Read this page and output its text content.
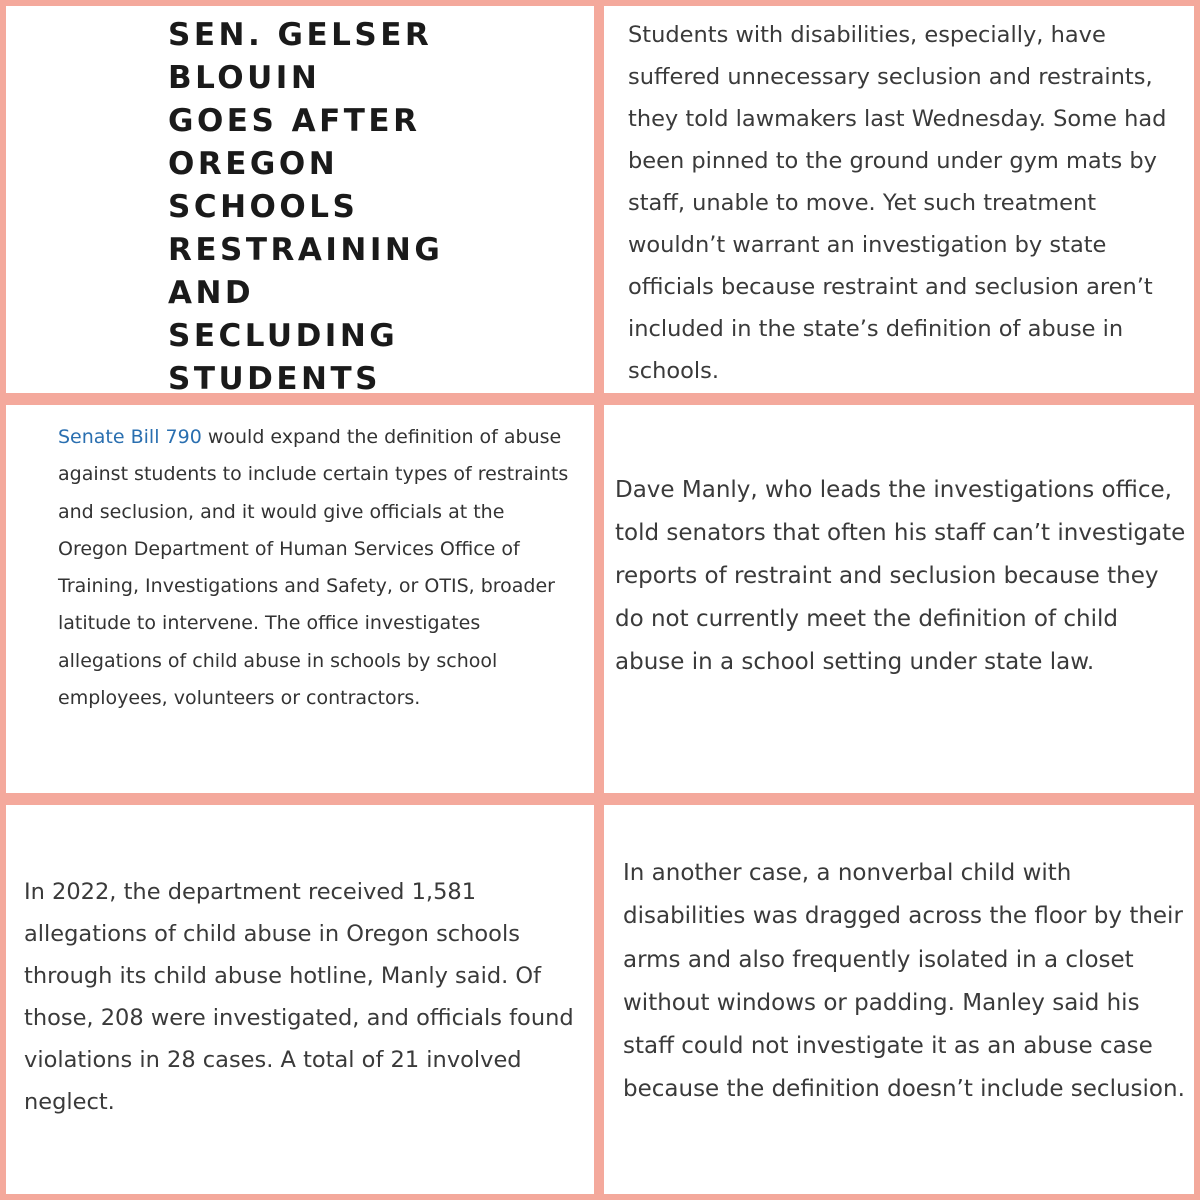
SEN. GELSER
BLOUIN
GOES AFTER
OREGON
SCHOOLS
RESTRAINING
AND
SECLUDING
STUDENTS

Students with disabilities, especially, have suffered unnecessary seclusion and restraints, they told lawmakers last Wednesday. Some had been pinned to the ground under gym mats by staff, unable to move. Yet such treatment wouldn’t warrant an investigation by state officials because restraint and seclusion aren’t included in the state’s definition of abuse in schools.

Senate Bill 790 would expand the definition of abuse against students to include certain types of restraints and seclusion, and it would give officials at the Oregon Department of Human Services Office of Training, Investigations and Safety, or OTIS, broader latitude to intervene. The office investigates allegations of child abuse in schools by school employees, volunteers or contractors.

Dave Manly, who leads the investigations office, told senators that often his staff can’t investigate reports of restraint and seclusion because they do not currently meet the definition of child abuse in a school setting under state law.

In 2022, the department received 1,581 allegations of child abuse in Oregon schools through its child abuse hotline, Manly said. Of those, 208 were investigated, and officials found violations in 28 cases. A total of 21 involved neglect.

In another case, a nonverbal child with disabilities was dragged across the floor by their arms and also frequently isolated in a closet without windows or padding. Manley said his staff could not investigate it as an abuse case because the definition doesn’t include seclusion.
